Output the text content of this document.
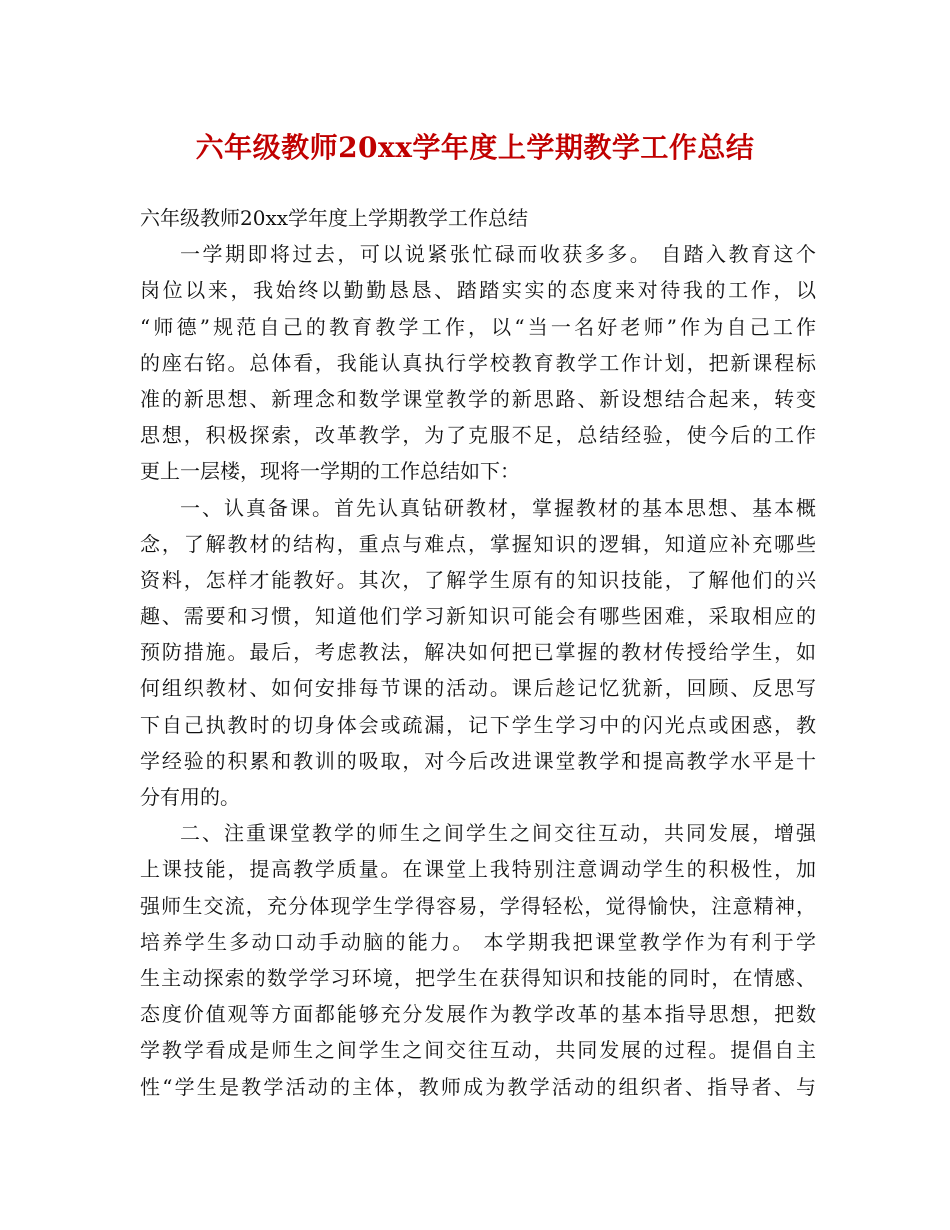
六年级教师20xx学年度上学期教学工作总结
六年级教师20xx学年度上学期教学工作总结
一学期即将过去，可以说紧张忙碌而收获多多。 自踏入教育这个
岗位以来，我始终以勤勤恳恳、踏踏实实的态度来对待我的工作，以
“师德”规范自己的教育教学工作，以“当一名好老师”作为自己工作
的座右铭。总体看，我能认真执行学校教育教学工作计划，把新课程标
准的新思想、新理念和数学课堂教学的新思路、新设想结合起来，转变
思想，积极探索，改革教学，为了克服不足，总结经验，使今后的工作
更上一层楼，现将一学期的工作总结如下：
一、认真备课。首先认真钻研教材，掌握教材的基本思想、基本概
念，了解教材的结构，重点与难点，掌握知识的逻辑，知道应补充哪些
资料，怎样才能教好。其次，了解学生原有的知识技能，了解他们的兴
趣、需要和习惯，知道他们学习新知识可能会有哪些困难，采取相应的
预防措施。最后，考虑教法，解决如何把已掌握的教材传授给学生，如
何组织教材、如何安排每节课的活动。课后趁记忆犹新，回顾、反思写
下自己执教时的切身体会或疏漏，记下学生学习中的闪光点或困惑，教
学经验的积累和教训的吸取，对今后改进课堂教学和提高教学水平是十
分有用的。
二、注重课堂教学的师生之间学生之间交往互动，共同发展，增强
上课技能，提高教学质量。在课堂上我特别注意调动学生的积极性，加
强师生交流，充分体现学生学得容易，学得轻松，觉得愉快，注意精神，
培养学生多动口动手动脑的能力。 本学期我把课堂教学作为有利于学
生主动探索的数学学习环境，把学生在获得知识和技能的同时，在情感、
态度价值观等方面都能够充分发展作为教学改革的基本指导思想，把数
学教学看成是师生之间学生之间交往互动，共同发展的过程。提倡自主
性“学生是教学活动的主体，教师成为教学活动的组织者、指导者、与
